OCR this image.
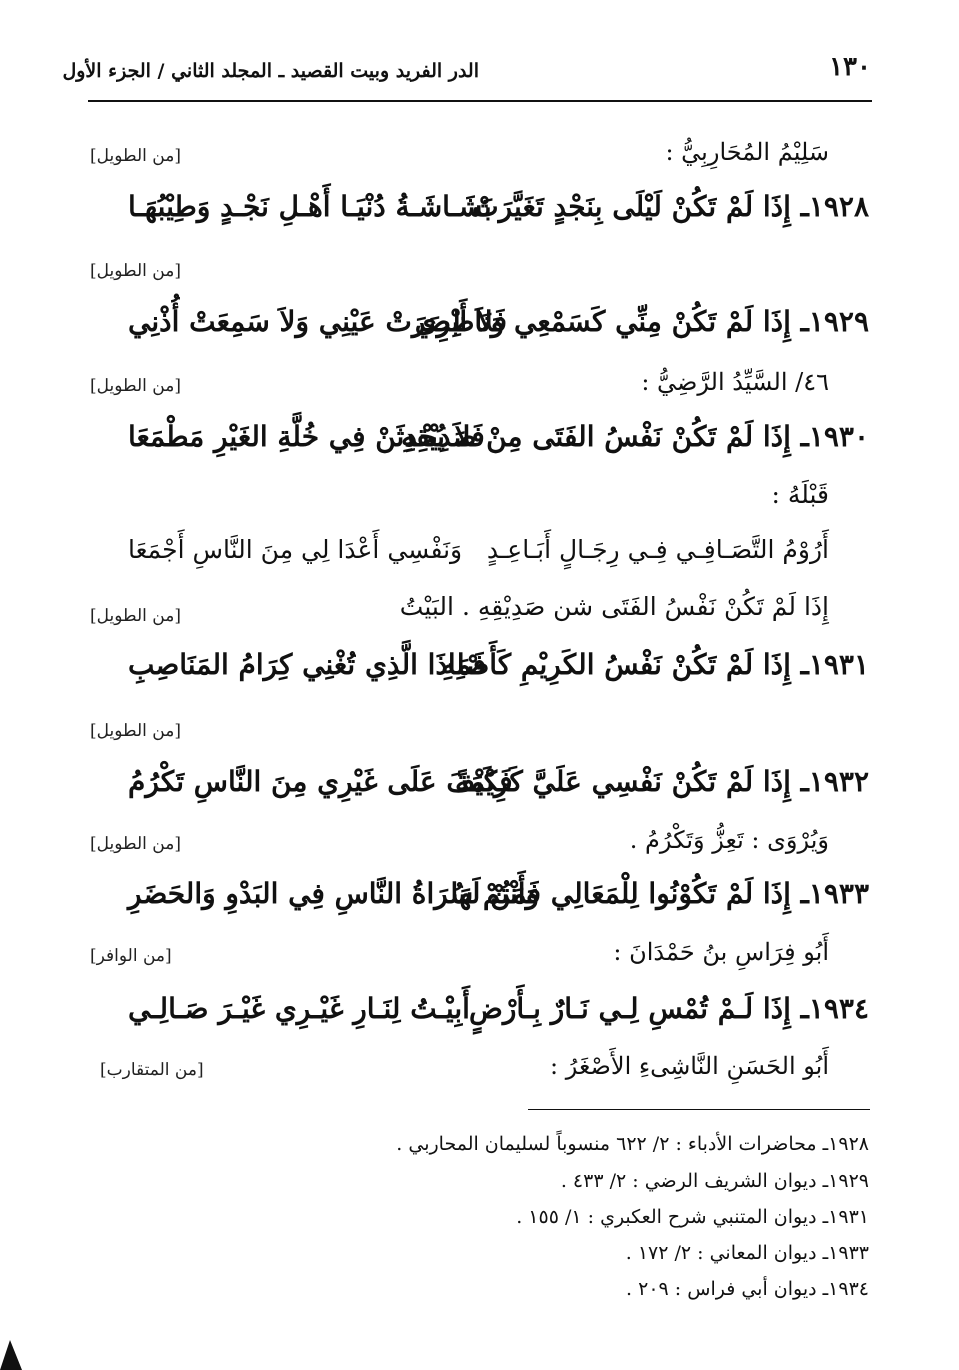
الدر الفريد وبيت القصيد ـ المجلد الثاني / الجزء الأول	١٣٠
سَلِيْمُ المُحَارِبِيُّ :
[من الطويل]
١٩٢٨ـ إِذَا لَمْ تَكُنْ لَيْلَى بِنَجْدٍ تَغَيَّرَتْ
بَشَـاشَـةُ دُنْيَـا أَهْـلِ نَجْـدٍ وَطِيْبُهَـا
[من الطويل]
١٩٢٩ـ إِذَا لَمْ تَكُنْ مِنِّي كَسَمْعِي وَنَاظِرِي
فَلاَ أَبْصَرَتْ عَيْنِي وَلاَ سَمِعَتْ أُذْنِي
٤٦/ السَّيِّدُ الرَّضِيُّ :
[من الطويل]
١٩٣٠ـ إِذَا لَمْ تَكُنْ نَفْسُ الفَتَى مِنْ صَدِيْقِهِ
فَلاَ يُحْدِثَنْ فِي خُلَّةِ الغَيْرِ مَطْمَعَا
قَبْلَهُ :
أَرُوْمُ التَّصَـافِـي فِـي رِجَـالٍ أَبَـاعِـدٍ
وَنَفْسِي أَعْدَا لِي مِنَ النَّاسِ أَجْمَعَا
إِذَا لَمْ تَكُنْ نَفْسُ الفَتَى شن صَدِيْقِهِ . البَيْتُ
[من الطويل]
١٩٣١ـ إِذَا لَمْ تَكُنْ نَفْسُ الكَرِيْمِ كَأَصْلِهِ
فَمَاذَا الَّذِي تُغْنِي كِرَامُ المَنَاصِبِ
[من الطويل]
١٩٣٢ـ إِذَا لَمْ تَكُنْ نَفْسِي عَلَيَّ كَرِيْمَةً
فَكَيْفَ عَلَى غَيْرِي مِنَ النَّاسِ تَكْرُمُ
وَيُرْوَى : تَعِزُّ وَتَكْرُمُ .
[من الطويل]
١٩٣٣ـ إِذَا لَمْ تَكُوْنُوا لِلْمَعَالِي فَمَنْ لَهَا
وَأَنْتُمْ سُرَاةُ النَّاسِ فِي البَدْوِ وَالحَضَرِ
أَبُو فِرَاسِ بنُ حَمْدَانَ :
[من الوافر]
١٩٣٤ـ إِذَا لَـمْ تُمْسِ لِـي نَـارٌ بِـأَرْضٍ
أَبِيْـتُ لِنَـارِ غَيْـرِي غَيْـرَ صَـالِـي
أَبُو الحَسَنِ النَّاشِىءِ الأَصْغَرُ :
[من المتقارب]
١٩٢٨ـ محاضرات الأدباء : ٢/ ٦٢٢ منسوباً لسليمان المحاربي .
١٩٢٩ـ ديوان الشريف الرضي : ٢/ ٤٣٣ .
١٩٣١ـ ديوان المتنبي شرح العكبري : ١/ ١٥٥ .
١٩٣٣ـ ديوان المعاني : ٢/ ١٧٢ .
١٩٣٤ـ ديوان أبي فراس : ٢٠٩ .
